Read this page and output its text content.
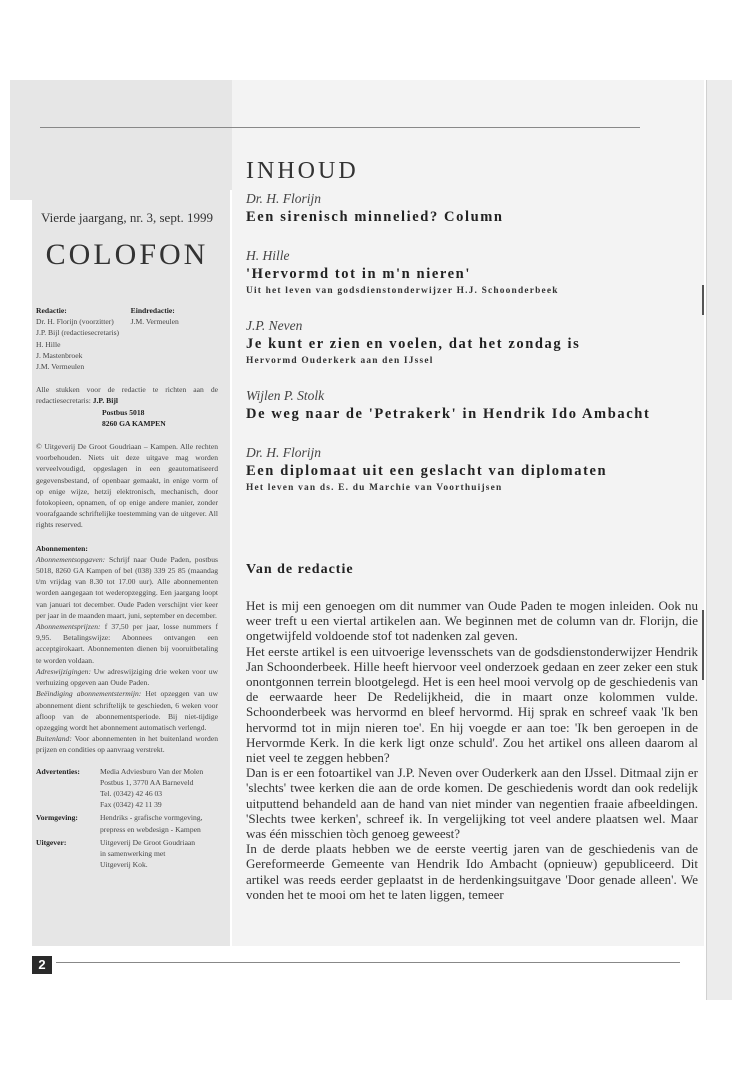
2
Vierde jaargang, nr. 3, sept. 1999
COLOFON
Redactie:
Dr. H. Florijn (voorzitter)
J.P. Bijl (redactiesecretaris)
H. Hille
J. Mastenbroek
J.M. Vermeulen
Eindredactie:
J.M. Vermeulen
Alle stukken voor de redactie te richten aan de redactiesecretaris: J.P. Bijl
Postbus 5018
8260 GA KAMPEN
© Uitgeverij De Groot Goudriaan – Kampen. Alle rechten voorbehouden. Niets uit deze uitgave mag worden verveelvoudigd, opgeslagen in een geautomatiseerd gegevensbestand, of openbaar gemaakt, in enige vorm of op enige wijze, hetzij elektronisch, mechanisch, door fotokopieen, opnamen, of op enige andere manier, zonder voorafgaande schriftelijke toestemming van de uitgever. All rights reserved.
Abonnementen:
Abonnementsopgaven: Schrijf naar Oude Paden, postbus 5018, 8260 GA Kampen of bel (038) 339 25 85 (maandag t/m vrijdag van 8.30 tot 17.00 uur). Alle abonnementen worden aangegaan tot wederopzegging. Een jaargang loopt van januari tot december. Oude Paden verschijnt vier keer per jaar in de maanden maart, juni, september en december.
Abonnementsprijzen: f 37,50 per jaar, losse nummers f 9,95. Betalingswijze: Abonnees ontvangen een acceptgirokaart. Abonnementen dienen bij vooruitbetaling te worden voldaan.
Adreswijzigingen: Uw adreswijziging drie weken voor uw verhuizing opgeven aan Oude Paden.
Beëindiging abonnementstermijn: Het opzeggen van uw abonnement dient schriftelijk te geschieden, 6 weken voor afloop van de abonnementsperiode. Bij niet-tijdige opzegging wordt het abonnement automatisch verlengd.
Buitenland: Voor abonnementen in het buitenland worden prijzen en condities op aanvraag verstrekt.
Advertenties:	Media Adviesburo Van der Molen
Postbus 1, 3770 AA Barneveld
Tel. (0342) 42 46 03
Fax (0342) 42 11 39
Vormgeving:	Hendriks - grafische vormgeving,
prepress en webdesign - Kampen
Uitgever:	Uitgeverij De Groot Goudriaan
in samenwerking met
Uitgeverij Kok.
INHOUD
Dr. H. Florijn
Een sirenisch minnelied? Column
H. Hille
'Hervormd tot in m'n nieren'
Uit het leven van godsdienstonderwijzer H.J. Schoonderbeek
J.P. Neven
Je kunt er zien en voelen, dat het zondag is
Hervormd Ouderkerk aan den IJssel
Wijlen P. Stolk
De weg naar de 'Petrakerk' in Hendrik Ido Ambacht
Dr. H. Florijn
Een diplomaat uit een geslacht van diplomaten
Het leven van ds. E. du Marchie van Voorthuijsen
Van de redactie

Het is mij een genoegen om dit nummer van Oude Paden te mogen inleiden. Ook nu weer treft u een viertal artikelen aan. We beginnen met de column van dr. Florijn, die ongetwijfeld voldoende stof tot nadenken zal geven.

Het eerste artikel is een uitvoerige levensschets van de godsdienstonderwijzer Hendrik Jan Schoonderbeek. Hille heeft hiervoor veel onderzoek gedaan en zeer zeker een stuk onontgonnen terrein blootgelegd. Het is een heel mooi vervolg op de geschiedenis van de eerwaarde heer De Redelijkheid, die in maart onze kolommen vulde. Schoonderbeek was hervormd en bleef hervormd. Hij sprak en schreef vaak 'Ik ben hervormd tot in mijn nieren toe'. En hij voegde er aan toe: 'Ik ben geroepen in de Hervormde Kerk. In die kerk ligt onze schuld'. Zou het artikel ons alleen daarom al niet veel te zeggen hebben?

Dan is er een fotoartikel van J.P. Neven over Ouderkerk aan den IJssel. Ditmaal zijn er 'slechts' twee kerken die aan de orde komen. De geschiedenis wordt dan ook redelijk uitputtend behandeld aan de hand van niet minder van negentien fraaie afbeeldingen. 'Slechts twee kerken', schreef ik. In vergelijking tot veel andere plaatsen wel. Maar was één misschien tòch genoeg geweest?

In de derde plaats hebben we de eerste veertig jaren van de geschiedenis van de Gereformeerde Gemeente van Hendrik Ido Ambacht (opnieuw) gepubliceerd. Dit artikel was reeds eerder geplaatst in de herdenkingsuitgave 'Door genade alleen'. We vonden het te mooi om het te laten liggen, temeer
